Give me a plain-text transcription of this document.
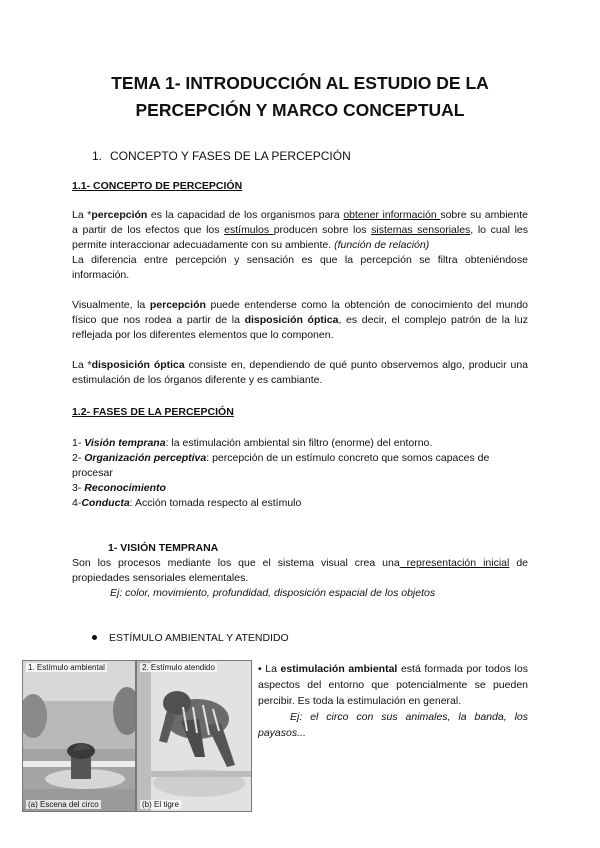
TEMA 1- INTRODUCCIÓN AL ESTUDIO DE LA
PERCEPCIÓN Y MARCO CONCEPTUAL
1. CONCEPTO Y FASES DE LA PERCEPCIÓN
1.1- CONCEPTO DE PERCEPCIÓN

La *percepción es la capacidad de los organismos para obtener información sobre su ambiente a partir de los efectos que los estímulos producen sobre los sistemas sensoriales, lo cual les permite interaccionar adecuadamente con su ambiente. (función de relación)

La diferencia entre percepción y sensación es que la percepción se filtra obteniéndose información.

Visualmente, la percepción puede entenderse como la obtención de conocimiento del mundo físico que nos rodea a partir de la disposición óptica, es decir, el complejo patrón de la luz reflejada por los diferentes elementos que lo componen.

La *disposición óptica consiste en, dependiendo de qué punto observemos algo, producir una estimulación de los órganos diferente y es cambiante.

1.2- FASES DE LA PERCEPCIÓN
1- Visión temprana: la estimulación ambiental sin filtro (enorme) del entorno.
2- Organización perceptiva: percepción de un estímulo concreto que somos capaces de procesar
3- Reconocimiento
4-Conducta: Acción tomada respecto al estímulo
1- VISIÓN TEMPRANA

Son los procesos mediante los que el sistema visual crea una representación inicial de propiedades sensoriales elementales.

Ej: color, movimiento, profundidad, disposición espacial de los objetos

ESTÍMULO AMBIENTAL Y ATENDIDO
1. Estímulo ambiental
(a) Escena del circo
2. Estímulo atendido
(b) El tigre

• La estimulación ambiental está formada por todos los aspectos del entorno que potencialmente se pueden percibir. Es toda la estimulación en general.

Ej: el circo con sus animales, la banda, los payasos...
